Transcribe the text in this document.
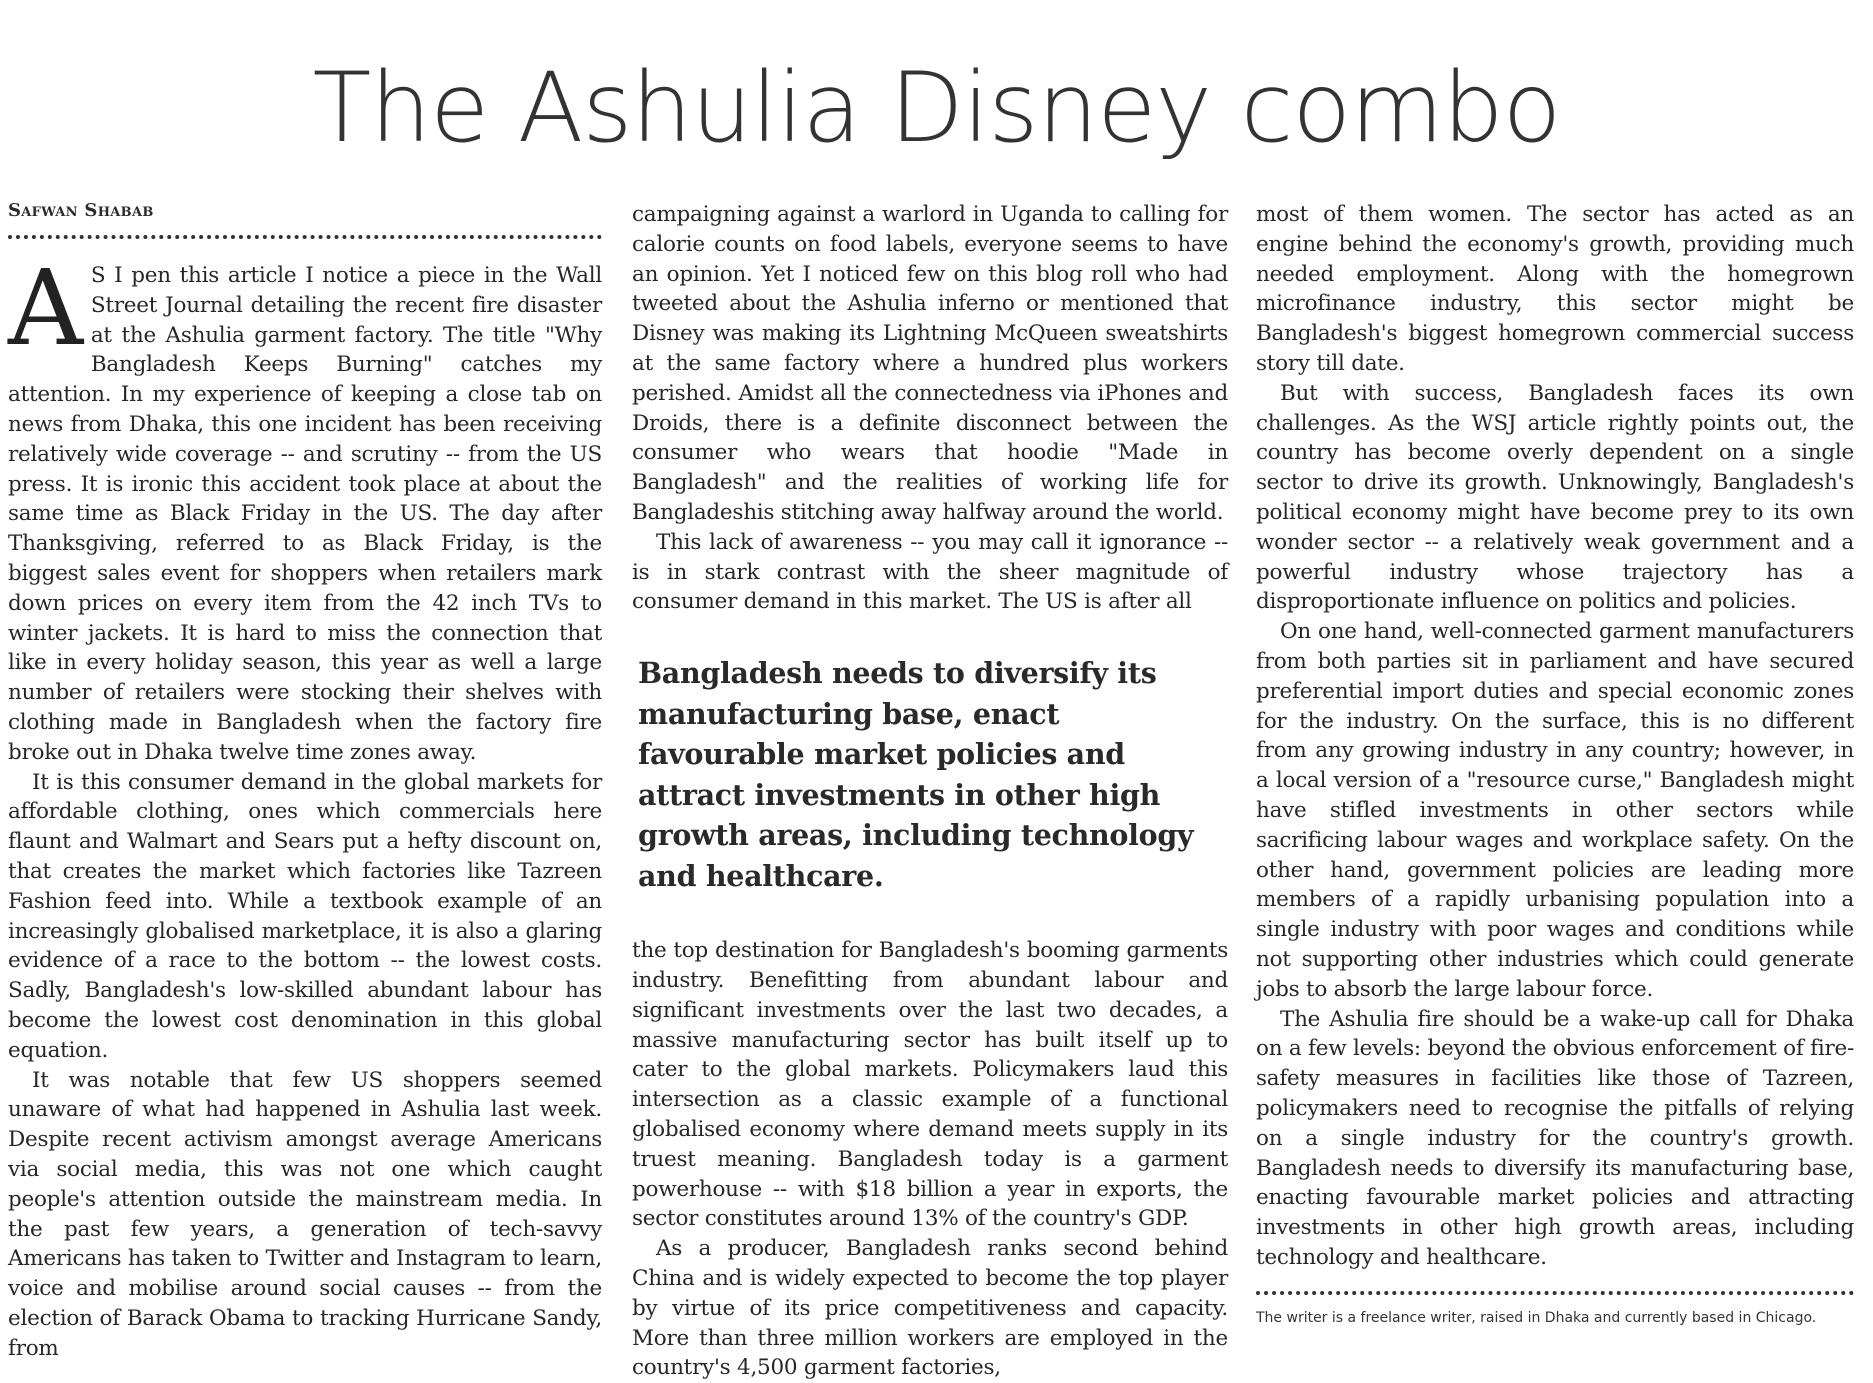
The Ashulia Disney combo
Safwan Shabab
A S I pen this article I notice a piece in the Wall Street Journal detailing the recent fire disaster at the Ashulia garment factory. The title "Why Bangladesh Keeps Burning" catches my attention. In my experience of keeping a close tab on news from Dhaka, this one incident has been receiving relatively wide coverage -- and scrutiny -- from the US press. It is ironic this accident took place at about the same time as Black Friday in the US. The day after Thanksgiving, referred to as Black Friday, is the biggest sales event for shoppers when retailers mark down prices on every item from the 42 inch TVs to winter jackets. It is hard to miss the connection that like in every holiday season, this year as well a large number of retailers were stocking their shelves with clothing made in Bangladesh when the factory fire broke out in Dhaka twelve time zones away.

It is this consumer demand in the global markets for affordable clothing, ones which commercials here flaunt and Walmart and Sears put a hefty discount on, that creates the market which factories like Tazreen Fashion feed into. While a textbook example of an increasingly globalised marketplace, it is also a glaring evidence of a race to the bottom -- the lowest costs. Sadly, Bangladesh's low-skilled abundant labour has become the lowest cost denomination in this global equation.

It was notable that few US shoppers seemed unaware of what had happened in Ashulia last week. Despite recent activism amongst average Americans via social media, this was not one which caught people's attention outside the mainstream media. In the past few years, a generation of tech-savvy Americans has taken to Twitter and Instagram to learn, voice and mobilise around social causes -- from the election of Barack Obama to tracking Hurricane Sandy, from

campaigning against a warlord in Uganda to calling for calorie counts on food labels, everyone seems to have an opinion. Yet I noticed few on this blog roll who had tweeted about the Ashulia inferno or mentioned that Disney was making its Lightning McQueen sweatshirts at the same factory where a hundred plus workers perished. Amidst all the connectedness via iPhones and Droids, there is a definite disconnect between the consumer who wears that hoodie "Made in Bangladesh" and the realities of working life for Bangladeshis stitching away halfway around the world.

This lack of awareness -- you may call it ignorance -- is in stark contrast with the sheer magnitude of consumer demand in this market. The US is after all

Bangladesh needs to diversify its manufacturing base, enact favourable market policies and attract investments in other high growth areas, including technology and healthcare.

the top destination for Bangladesh's booming garments industry. Benefitting from abundant labour and significant investments over the last two decades, a massive manufacturing sector has built itself up to cater to the global markets. Policymakers laud this intersection as a classic example of a functional globalised economy where demand meets supply in its truest meaning. Bangladesh today is a garment powerhouse -- with $18 billion a year in exports, the sector constitutes around 13% of the country's GDP.

As a producer, Bangladesh ranks second behind China and is widely expected to become the top player by virtue of its price competitiveness and capacity. More than three million workers are employed in the country's 4,500 garment factories,

most of them women. The sector has acted as an engine behind the economy's growth, providing much needed employment. Along with the homegrown microfinance industry, this sector might be Bangladesh's biggest homegrown commercial success story till date.

But with success, Bangladesh faces its own challenges. As the WSJ article rightly points out, the country has become overly dependent on a single sector to drive its growth. Unknowingly, Bangladesh's political economy might have become prey to its own wonder sector -- a relatively weak government and a powerful industry whose trajectory has a disproportionate influence on politics and policies.

On one hand, well-connected garment manufacturers from both parties sit in parliament and have secured preferential import duties and special economic zones for the industry. On the surface, this is no different from any growing industry in any country; however, in a local version of a "resource curse," Bangladesh might have stifled investments in other sectors while sacrificing labour wages and workplace safety. On the other hand, government policies are leading more members of a rapidly urbanising population into a single industry with poor wages and conditions while not supporting other industries which could generate jobs to absorb the large labour force.

The Ashulia fire should be a wake-up call for Dhaka on a few levels: beyond the obvious enforcement of fire-safety measures in facilities like those of Tazreen, policymakers need to recognise the pitfalls of relying on a single industry for the country's growth. Bangladesh needs to diversify its manufacturing base, enacting favourable market policies and attracting investments in other high growth areas, including technology and healthcare.

The writer is a freelance writer, raised in Dhaka and currently based in Chicago.
